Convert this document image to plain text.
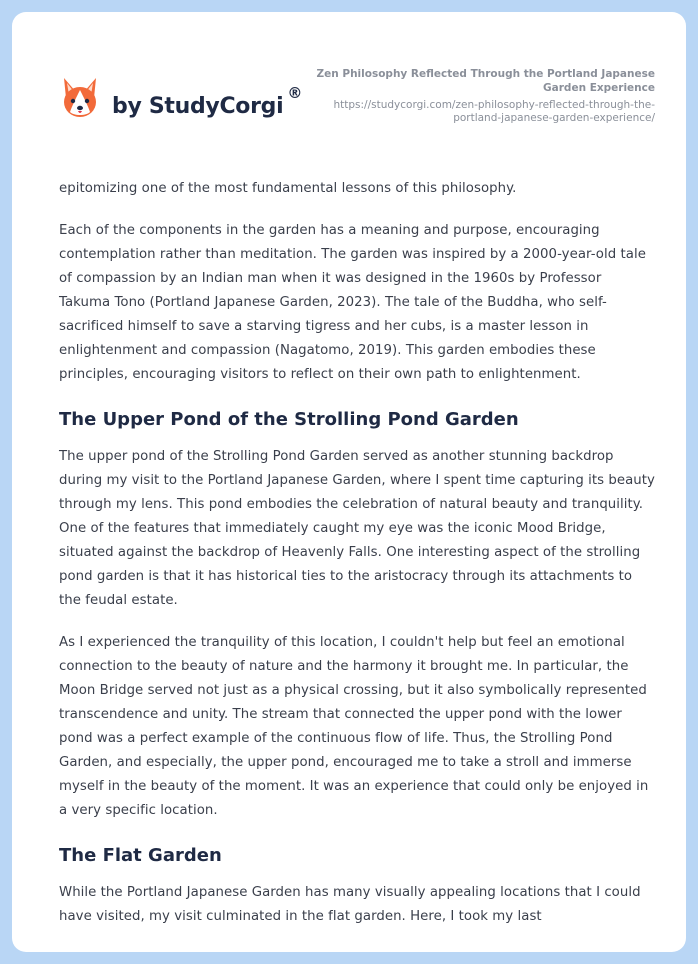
by StudyCorgi®
Zen Philosophy Reflected Through the Portland Japanese Garden Experience
https://studycorgi.com/zen-philosophy-reflected-through-the-portland-japanese-garden-experience/

epitomizing one of the most fundamental lessons of this philosophy.

Each of the components in the garden has a meaning and purpose, encouraging contemplation rather than meditation. The garden was inspired by a 2000-year-old tale of compassion by an Indian man when it was designed in the 1960s by Professor Takuma Tono (Portland Japanese Garden, 2023). The tale of the Buddha, who self-sacrificed himself to save a starving tigress and her cubs, is a master lesson in enlightenment and compassion (Nagatomo, 2019). This garden embodies these principles, encouraging visitors to reflect on their own path to enlightenment.

The Upper Pond of the Strolling Pond Garden

The upper pond of the Strolling Pond Garden served as another stunning backdrop during my visit to the Portland Japanese Garden, where I spent time capturing its beauty through my lens. This pond embodies the celebration of natural beauty and tranquility. One of the features that immediately caught my eye was the iconic Mood Bridge, situated against the backdrop of Heavenly Falls. One interesting aspect of the strolling pond garden is that it has historical ties to the aristocracy through its attachments to the feudal estate.

As I experienced the tranquility of this location, I couldn't help but feel an emotional connection to the beauty of nature and the harmony it brought me. In particular, the Moon Bridge served not just as a physical crossing, but it also symbolically represented transcendence and unity. The stream that connected the upper pond with the lower pond was a perfect example of the continuous flow of life. Thus, the Strolling Pond Garden, and especially, the upper pond, encouraged me to take a stroll and immerse myself in the beauty of the moment. It was an experience that could only be enjoyed in a very specific location.

The Flat Garden

While the Portland Japanese Garden has many visually appealing locations that I could have visited, my visit culminated in the flat garden. Here, I took my last
